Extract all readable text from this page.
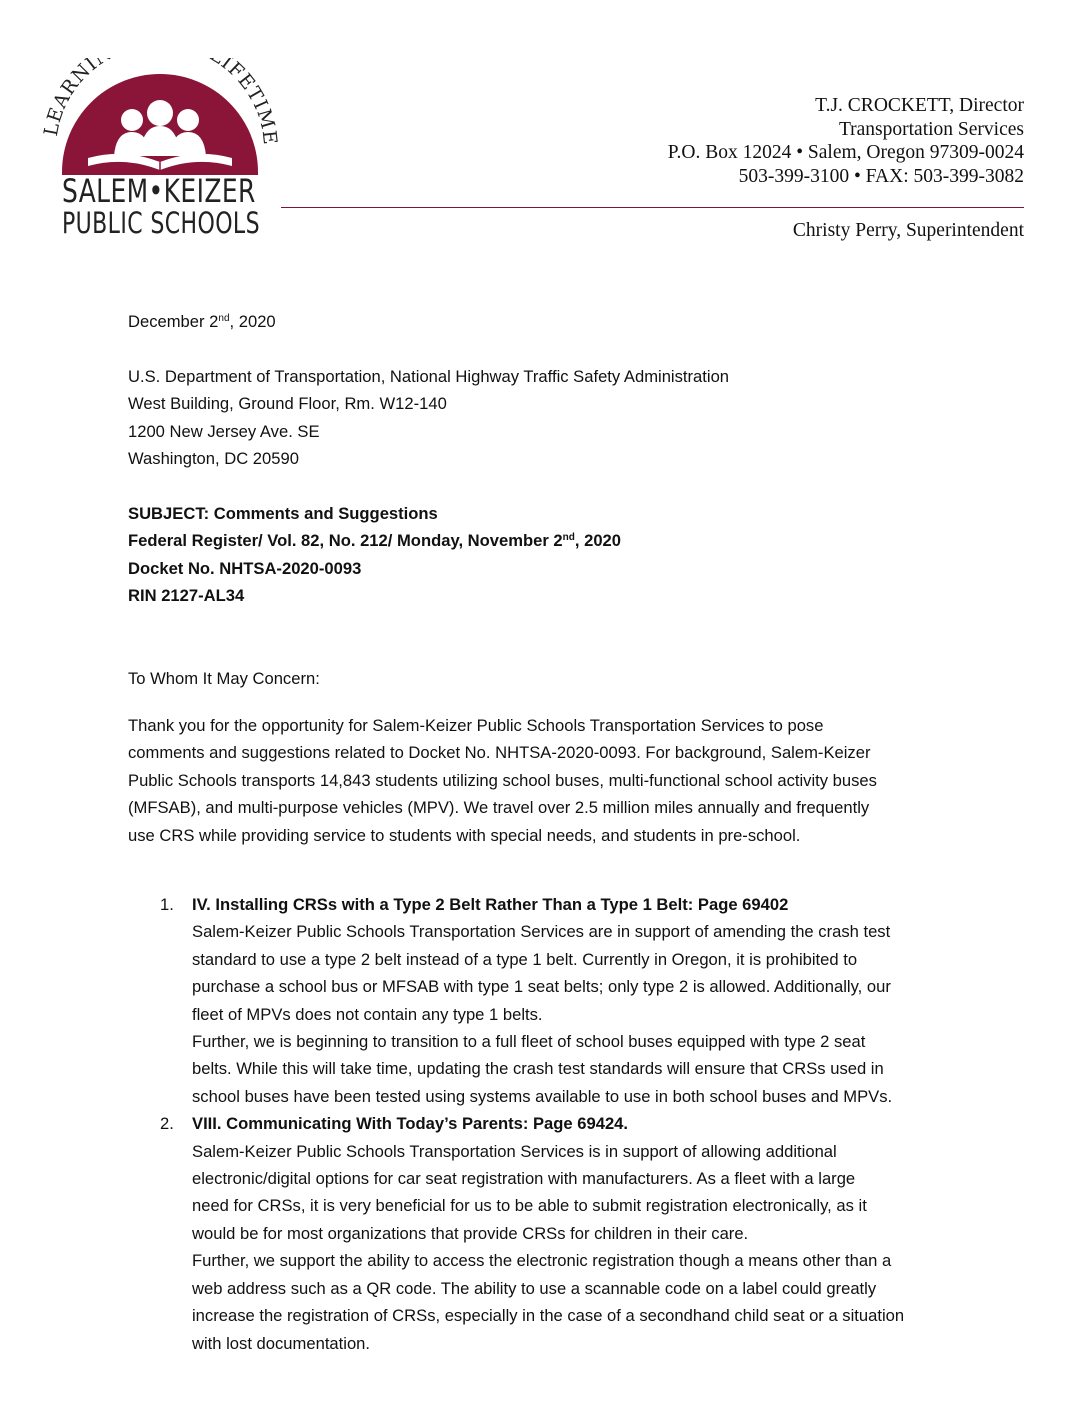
LEARNI IFETIME
SALEM•KEIZER
PUBLIC SCHOOLS
T.J. CROCKETT, Director
Transportation Services
P.O. Box 12024 • Salem, Oregon 97309-0024
503-399-3100 • FAX: 503-399-3082
Christy Perry, Superintendent
December 2nd, 2020
U.S. Department of Transportation, National Highway Traffic Safety Administration
West Building, Ground Floor, Rm. W12-140
1200 New Jersey Ave. SE
Washington, DC 20590
SUBJECT: Comments and Suggestions
Federal Register/ Vol. 82, No. 212/ Monday, November 2nd, 2020
Docket No. NHTSA-2020-0093
RIN 2127-AL34
To Whom It May Concern:
Thank you for the opportunity for Salem-Keizer Public Schools Transportation Services to pose
comments and suggestions related to Docket No. NHTSA-2020-0093. For background, Salem-Keizer
Public Schools transports 14,843 students utilizing school buses, multi-functional school activity buses
(MFSAB), and multi-purpose vehicles (MPV). We travel over 2.5 million miles annually and frequently
use CRS while providing service to students with special needs, and students in pre-school.
1. IV. Installing CRSs with a Type 2 Belt Rather Than a Type 1 Belt: Page 69402
Salem-Keizer Public Schools Transportation Services are in support of amending the crash test
standard to use a type 2 belt instead of a type 1 belt. Currently in Oregon, it is prohibited to
purchase a school bus or MFSAB with type 1 seat belts; only type 2 is allowed. Additionally, our
fleet of MPVs does not contain any type 1 belts.
Further, we is beginning to transition to a full fleet of school buses equipped with type 2 seat
belts. While this will take time, updating the crash test standards will ensure that CRSs used in
school buses have been tested using systems available to use in both school buses and MPVs.
2. VIII. Communicating With Today’s Parents: Page 69424.
Salem-Keizer Public Schools Transportation Services is in support of allowing additional
electronic/digital options for car seat registration with manufacturers. As a fleet with a large
need for CRSs, it is very beneficial for us to be able to submit registration electronically, as it
would be for most organizations that provide CRSs for children in their care.
Further, we support the ability to access the electronic registration though a means other than a
web address such as a QR code. The ability to use a scannable code on a label could greatly
increase the registration of CRSs, especially in the case of a secondhand child seat or a situation
with lost documentation.
